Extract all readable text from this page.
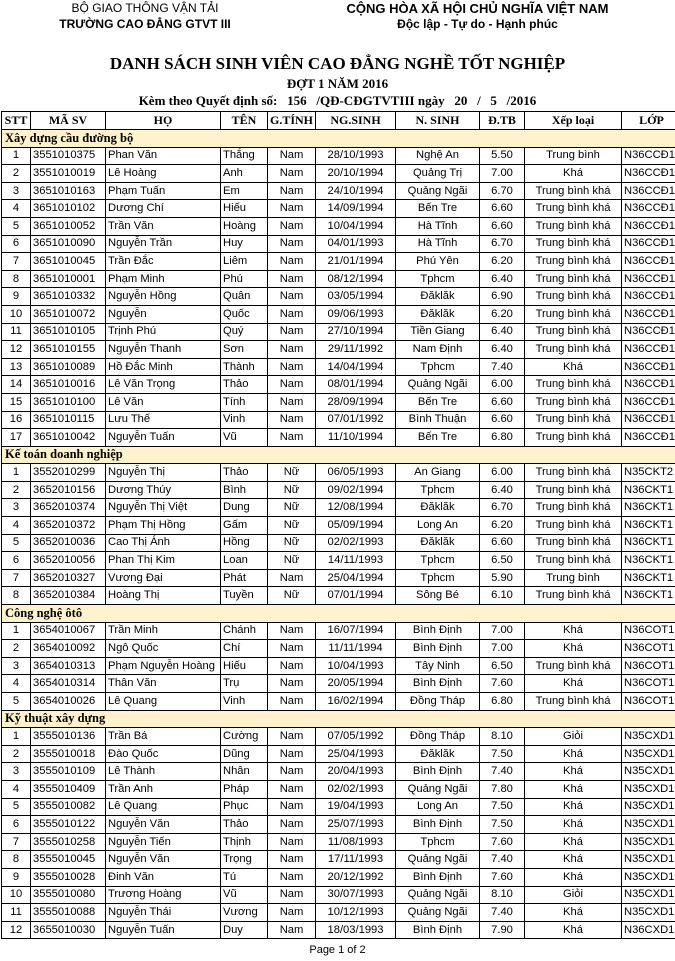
BỘ GIAO THÔNG VẬN TẢI
TRƯỜNG CAO ĐẲNG GTVT III
CỘNG HÒA XÃ HỘI CHỦ NGHĨA VIỆT NAM
Độc lập - Tự do - Hạnh phúc
DANH SÁCH SINH VIÊN CAO ĐẲNG NGHỀ TỐT NGHIỆP
ĐỢT 1 NĂM 2016
Kèm theo Quyết định số:   156   /QĐ-CĐGTVTIII ngày   20   /   5   /2016
STT	MÃ SV	HỌ	TÊN	G.TÍNH	NG.SINH	N. SINH	Đ.TB	Xếp loại	LỚP
Xây dựng cầu đường bộ									
1	3551010375	Phan Văn	Thắng	Nam	28/10/1993	Nghệ An	5.50	Trung bình	N36CCĐ1
2	3551010019	Lê Hoàng	Anh	Nam	20/10/1994	Quảng Trị	7.00	Khá	N36CCĐ1
3	3651010163	Phạm Tuấn	Em	Nam	24/10/1994	Quảng Ngãi	6.70	Trung bình khá	N36CCĐ1
4	3651010102	Dương Chí	Hiếu	Nam	14/09/1994	Bến Tre	6.60	Trung bình khá	N36CCĐ1
5	3651010052	Trần Văn	Hoàng	Nam	10/04/1994	Hà Tĩnh	6.60	Trung bình khá	N36CCĐ1
6	3651010090	Nguyễn Trần	Huy	Nam	04/01/1993	Hà Tĩnh	6.70	Trung bình khá	N36CCĐ1
7	3651010045	Trần Đắc	Liêm	Nam	21/01/1994	Phú Yên	6.20	Trung bình khá	N36CCĐ1
8	3651010001	Phạm Minh	Phú	Nam	08/12/1994	Tphcm	6.40	Trung bình khá	N36CCĐ1
9	3651010332	Nguyễn Hồng	Quân	Nam	03/05/1994	Đăklăk	6.90	Trung bình khá	N36CCĐ1
10	3651010072	Nguyễn	Quốc	Nam	09/06/1993	Đăklăk	6.20	Trung bình khá	N36CCĐ1
11	3651010105	Trịnh Phú	Quý	Nam	27/10/1994	Tiền Giang	6.40	Trung bình khá	N36CCĐ1
12	3651010155	Nguyễn Thanh	Sơn	Nam	29/11/1992	Nam Định	6.40	Trung bình khá	N36CCĐ1
13	3651010089	Hồ Đắc Minh	Thành	Nam	14/04/1994	Tphcm	7.40	Khá	N36CCĐ1
14	3651010016	Lê Văn Trọng	Thảo	Nam	08/01/1994	Quảng Ngãi	6.00	Trung bình khá	N36CCĐ1
15	3651010100	Lê Văn	Tính	Nam	28/09/1994	Bến Tre	6.60	Trung bình khá	N36CCĐ1
16	3651010115	Lưu Thế	Vinh	Nam	07/01/1992	Bình Thuận	6.60	Trung bình khá	N36CCĐ1
17	3651010042	Nguyễn Tuấn	Vũ	Nam	11/10/1994	Bến Tre	6.80	Trung bình khá	N36CCĐ1
Kế toán doanh nghiệp									
1	3552010299	Nguyễn Thị	Thảo	Nữ	06/05/1993	An Giang	6.00	Trung bình khá	N35CKT2
2	3652010156	Dương Thúy	Bình	Nữ	09/02/1994	Tphcm	6.40	Trung bình khá	N36CKT1
3	3652010374	Nguyễn Thị Việt	Dung	Nữ	12/08/1994	Đăklăk	6.70	Trung bình khá	N36CKT1
4	3652010372	Phạm Thị Hồng	Gấm	Nữ	05/09/1994	Long An	6.20	Trung bình khá	N36CKT1
5	3652010036	Cao Thị Ánh	Hồng	Nữ	02/02/1993	Đăklăk	6.60	Trung bình khá	N36CKT1
6	3652010056	Phan Thị Kim	Loan	Nữ	14/11/1993	Tphcm	6.50	Trung bình khá	N36CKT1
7	3652010327	Vương Đại	Phát	Nam	25/04/1994	Tphcm	5.90	Trung bình	N36CKT1
8	3652010384	Hoàng Thị	Tuyền	Nữ	07/01/1994	Sông Bé	6.10	Trung bình khá	N36CKT1
Công nghệ ôtô									
1	3654010067	Trần Minh	Chánh	Nam	16/07/1994	Bình Định	7.00	Khá	N36COT1
2	3654010092	Ngô Quốc	Chí	Nam	11/11/1994	Bình Định	7.00	Khá	N36COT1
3	3654010313	Phạm Nguyễn Hoàng	Hiếu	Nam	10/04/1993	Tây Ninh	6.50	Trung bình khá	N36COT1
4	3654010314	Thân Văn	Trụ	Nam	20/05/1994	Bình Định	7.60	Khá	N36COT1
5	3654010026	Lê Quang	Vinh	Nam	16/02/1994	Đồng Tháp	6.80	Trung bình khá	N36COT1
Kỹ thuật xây dựng									
1	3555010136	Trần Bá	Cường	Nam	07/05/1992	Đồng Tháp	8.10	Giỏi	N35CXD1
2	3555010018	Đào Quốc	Dũng	Nam	25/04/1993	Đăklăk	7.50	Khá	N35CXD1
3	3555010109	Lê Thành	Nhân	Nam	20/04/1993	Bình Định	7.40	Khá	N35CXD1
4	3555010409	Trần Anh	Pháp	Nam	02/02/1993	Quảng Ngãi	7.80	Khá	N35CXD1
5	3555010082	Lê Quang	Phục	Nam	19/04/1993	Long An	7.50	Khá	N35CXD1
6	3555010122	Nguyễn Văn	Thảo	Nam	25/07/1993	Bình Định	7.50	Khá	N35CXD1
7	3555010258	Nguyễn Tiến	Thịnh	Nam	11/08/1993	Tphcm	7.60	Khá	N35CXD1
8	3555010045	Nguyễn Văn	Trọng	Nam	17/11/1993	Quảng Ngãi	7.40	Khá	N35CXD1
9	3555010028	Đinh Văn	Tú	Nam	20/12/1992	Bình Định	7.60	Khá	N35CXD1
10	3555010080	Trương Hoàng	Vũ	Nam	30/07/1993	Quảng Ngãi	8.10	Giỏi	N35CXD1
11	3555010088	Nguyễn Thái	Vương	Nam	10/12/1993	Quảng Ngãi	7.40	Khá	N35CXD1
12	3655010030	Nguyễn Tuấn	Duy	Nam	18/03/1993	Bình Định	7.90	Khá	N36CXD1
Page 1 of 2
